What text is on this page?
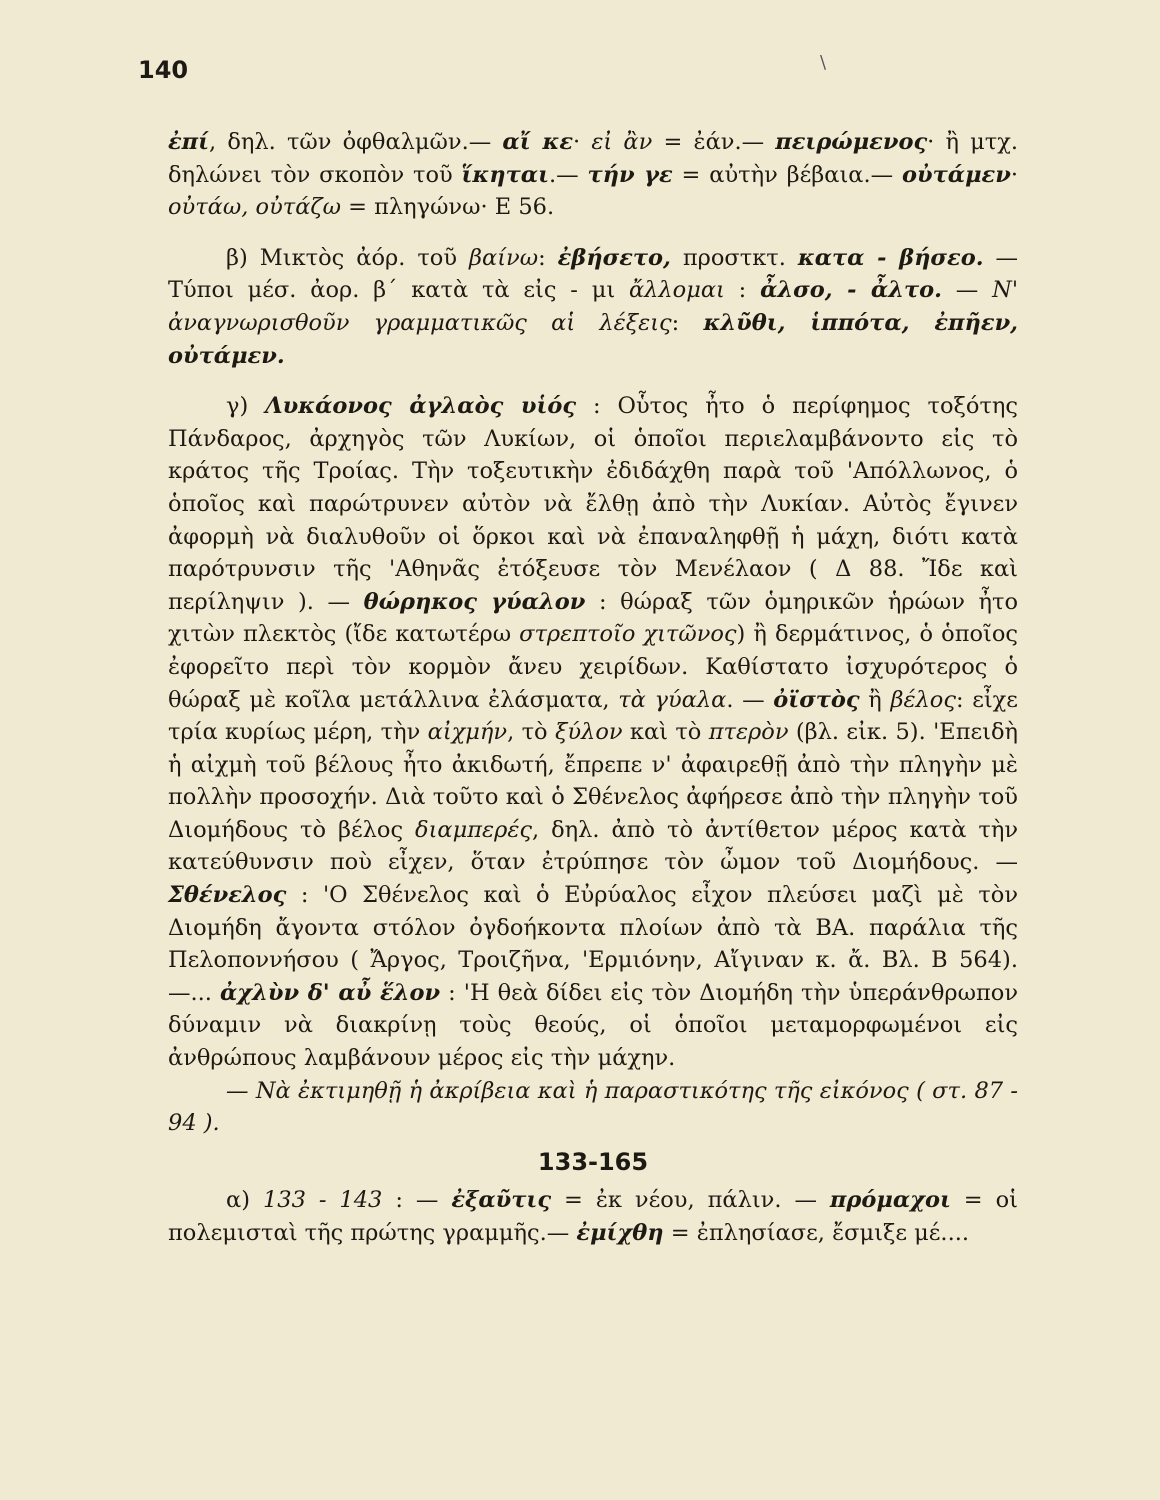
140	\

ἐπί, δηλ. τῶν ὀφθαλμῶν.— αἴ κε· εἰ ἂν = ἐάν.— πειρώμενος· ἢ μτχ. δηλώνει τὸν σκοπὸν τοῦ ἵκηται.— τήν γε = αὐτὴν βέβαια.— οὐτάμεν· οὐτάω, οὐτάζω = πληγώνω· Ε 56.

β) Μικτὸς ἀόρ. τοῦ βαίνω: ἐβήσετο, προστκτ. κατα - βήσεο. — Τύποι μέσ. ἀορ. β΄ κατὰ τὰ εἰς - μι ἄλλομαι : ἆλσο, - ἆλτο. — Ν' ἀναγνωρισθοῦν γραμματικῶς αἱ λέξεις: κλῦθι, ἱππότα, ἐπῆεν, οὐτάμεν.

γ) Λυκάονος ἀγλαὸς υἱός : Οὗτος ἦτο ὁ περίφημος τοξότης Πάνδαρος, ἀρχηγὸς τῶν Λυκίων, οἱ ὁποῖοι περιελαμβάνοντο εἰς τὸ κράτος τῆς Τροίας. Τὴν τοξευτικὴν ἐδιδάχθη παρὰ τοῦ 'Απόλλωνος, ὁ ὁποῖος καὶ παρώτρυνεν αὐτὸν νὰ ἔλθῃ ἀπὸ τὴν Λυκίαν. Αὐτὸς ἔγινεν ἀφορμὴ νὰ διαλυθοῦν οἱ ὅρκοι καὶ νὰ ἐπαναληφθῇ ἡ μάχη, διότι κατὰ παρότρυνσιν τῆς 'Αθηνᾶς ἐτόξευσε τὸν Μενέλαον ( Δ 88. Ἴδε καὶ περίληψιν ). — θώρηκος γύαλον : θώραξ τῶν ὁμηρικῶν ἡρώων ἦτο χιτὼν πλεκτὸς (ἴδε κατωτέρω στρεπτοῖο χιτῶνος) ἢ δερμάτινος, ὁ ὁποῖος ἐφορεῖτο περὶ τὸν κορμὸν ἄνευ χειρίδων. Καθίστατο ἰσχυρότερος ὁ θώραξ μὲ κοῖλα μετάλλινα ἐλάσματα, τὰ γύαλα. — ὀϊστὸς ἢ βέλος: εἶχε τρία κυρίως μέρη, τὴν αἰχμήν, τὸ ξύλον καὶ τὸ πτερὸν (βλ. εἰκ. 5). 'Επειδὴ ἡ αἰχμὴ τοῦ βέλους ἦτο ἀκιδωτή, ἔπρεπε ν' ἀφαιρεθῇ ἀπὸ τὴν πληγὴν μὲ πολλὴν προσοχήν. Διὰ τοῦτο καὶ ὁ Σθένελος ἀφήρεσε ἀπὸ τὴν πληγὴν τοῦ Διομήδους τὸ βέλος διαμπερές, δηλ. ἀπὸ τὸ ἀντίθετον μέρος κατὰ τὴν κατεύθυνσιν ποὺ εἶχεν, ὅταν ἐτρύπησε τὸν ὦμον τοῦ Διομήδους. — Σθένελος : 'Ο Σθένελος καὶ ὁ Εὐρύαλος εἶχον πλεύσει μαζὶ μὲ τὸν Διομήδη ἄγοντα στόλον ὀγδοήκοντα πλοίων ἀπὸ τὰ ΒΑ. παράλια τῆς Πελοποννήσου ( Ἄργος, Τροιζῆνα, 'Ερμιόνην, Αἴγιναν κ. ἄ. Βλ. Β 564). —... ἀχλὺν δ' αὖ ἕλον : 'Η θεὰ δίδει εἰς τὸν Διομήδη τὴν ὑπεράνθρωπον δύναμιν νὰ διακρίνῃ τοὺς θεούς, οἱ ὁποῖοι μεταμορφωμένοι εἰς ἀνθρώπους λαμβάνουν μέρος εἰς τὴν μάχην.

— Νὰ ἐκτιμηθῇ ἡ ἀκρίβεια καὶ ἡ παραστικότης τῆς εἰκόνος ( στ. 87 - 94 ).

133-165

α) 133 - 143 : — ἐξαῦτις = ἐκ νέου, πάλιν. — πρόμαχοι = οἱ πολεμισταὶ τῆς πρώτης γραμμῆς.— ἐμίχθη = ἐπλησίασε, ἔσμιξε μέ....
